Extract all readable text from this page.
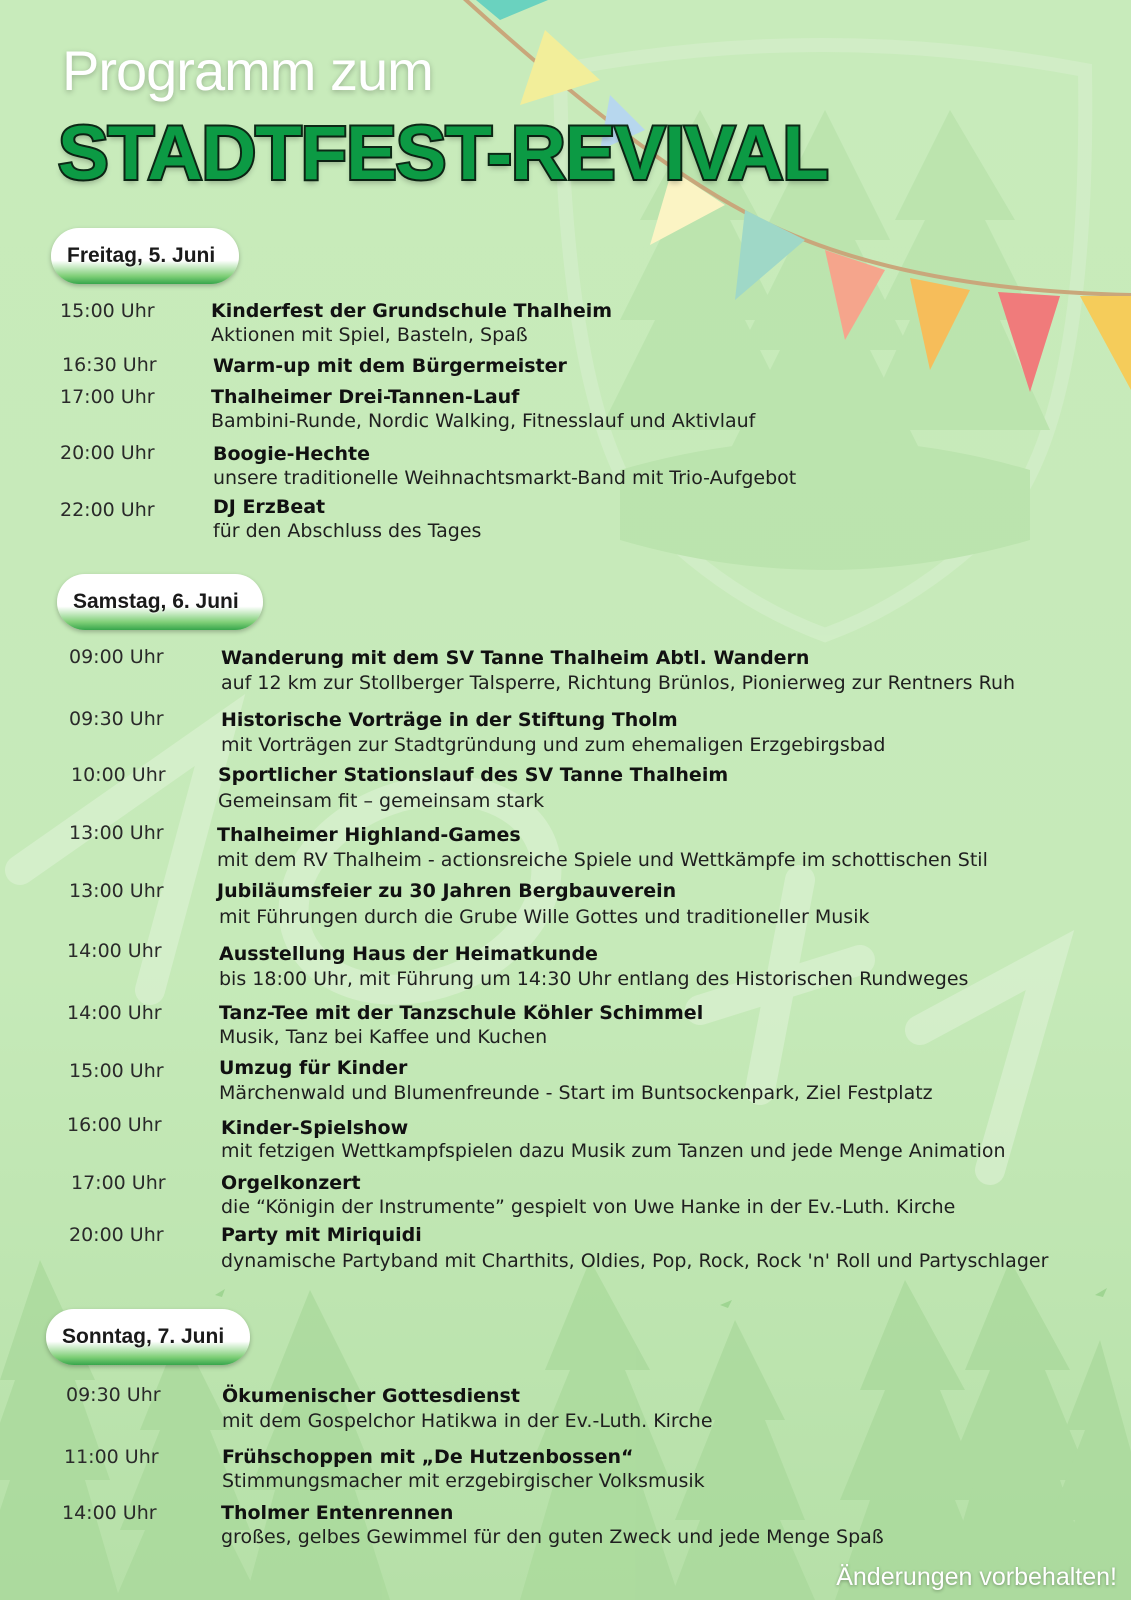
Programm zum
STADTFEST-REVIVAL
Freitag, 5. Juni
15:00 Uhr	Kinderfest der Grundschule Thalheim
Aktionen mit Spiel, Basteln, Spaß
16:30 Uhr	Warm-up mit dem Bürgermeister
17:00 Uhr	Thalheimer Drei-Tannen-Lauf
Bambini-Runde, Nordic Walking, Fitnesslauf und Aktivlauf
20:00 Uhr	Boogie-Hechte
unsere traditionelle Weihnachtsmarkt-Band mit Trio-Aufgebot
22:00 Uhr	DJ ErzBeat
für den Abschluss des Tages
Samstag, 6. Juni
09:00 Uhr	Wanderung mit dem SV Tanne Thalheim Abtl. Wandern
auf 12 km zur Stollberger Talsperre, Richtung Brünlos, Pionierweg zur Rentners Ruh
09:30 Uhr	Historische Vorträge in der Stiftung Tholm
mit Vorträgen zur Stadtgründung und zum ehemaligen Erzgebirgsbad
10:00 Uhr	Sportlicher Stationslauf des SV Tanne Thalheim
Gemeinsam fit – gemeinsam stark
13:00 Uhr	Thalheimer Highland-Games
mit dem RV Thalheim - actionsreiche Spiele und Wettkämpfe im schottischen Stil
13:00 Uhr	Jubiläumsfeier zu 30 Jahren Bergbauverein
mit Führungen durch die Grube Wille Gottes und traditioneller Musik
14:00 Uhr	Ausstellung Haus der Heimatkunde
bis 18:00 Uhr, mit Führung um 14:30 Uhr entlang des Historischen Rundweges
14:00 Uhr	Tanz-Tee mit der Tanzschule Köhler Schimmel
Musik, Tanz bei Kaffee und Kuchen
15:00 Uhr	Umzug für Kinder
Märchenwald und Blumenfreunde - Start im Buntsockenpark, Ziel Festplatz
16:00 Uhr	Kinder-Spielshow
mit fetzigen Wettkampfspielen dazu Musik zum Tanzen und jede Menge Animation
17:00 Uhr	Orgelkonzert
die “Königin der Instrumente” gespielt von Uwe Hanke in der Ev.-Luth. Kirche
20:00 Uhr	Party mit Miriquidi
dynamische Partyband mit Charthits, Oldies, Pop, Rock, Rock 'n' Roll und Partyschlager
Sonntag, 7. Juni
09:30 Uhr	Ökumenischer Gottesdienst
mit dem Gospelchor Hatikwa in der Ev.-Luth. Kirche
11:00 Uhr	Frühschoppen mit „De Hutzenbossen“
Stimmungsmacher mit erzgebirgischer Volksmusik
14:00 Uhr	Tholmer Entenrennen
großes, gelbes Gewimmel für den guten Zweck und jede Menge Spaß
Änderungen vorbehalten!
